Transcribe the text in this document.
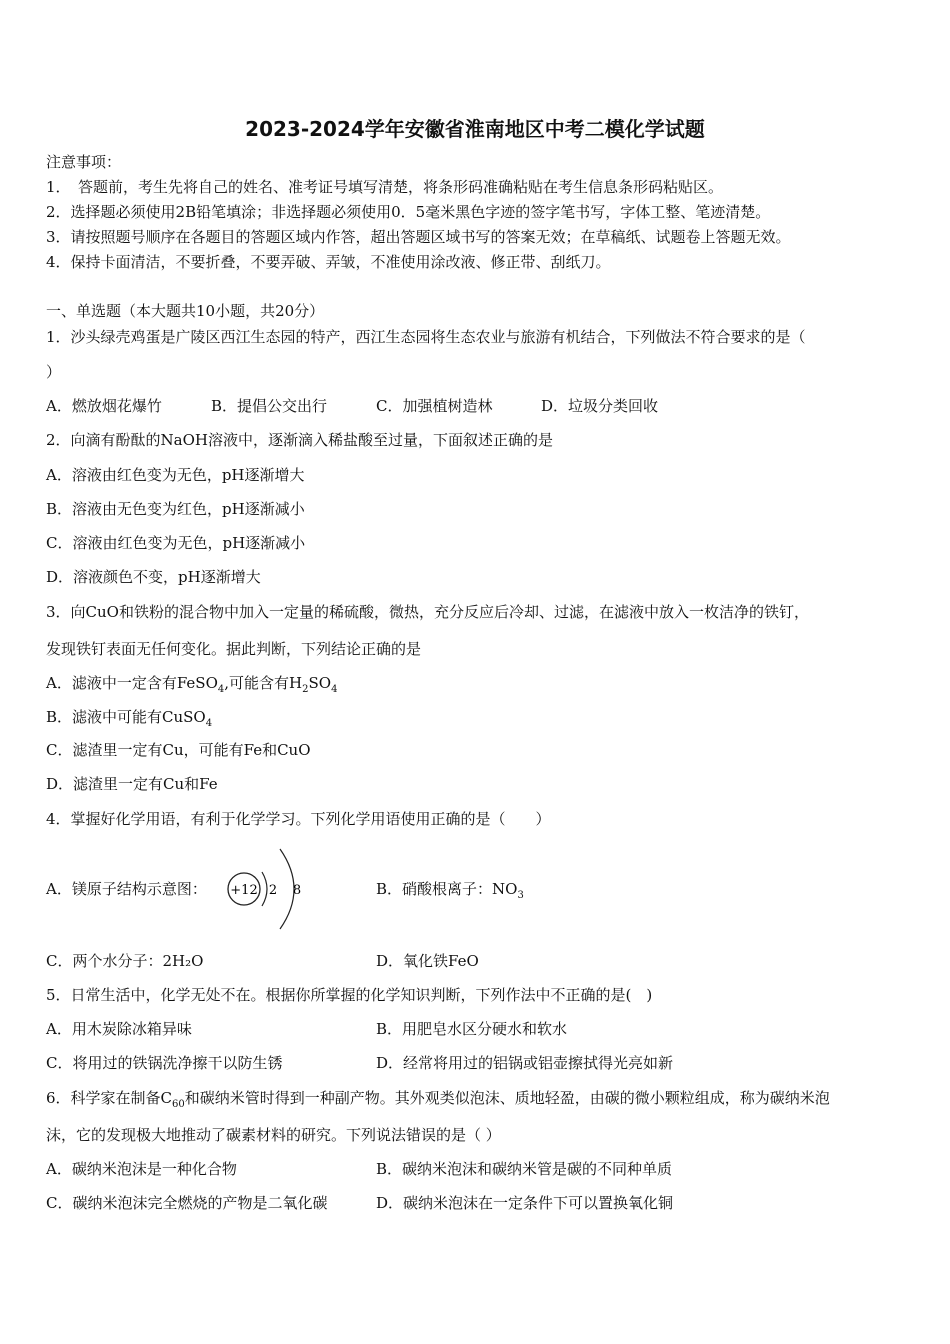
2023-2024学年安徽省淮南地区中考二模化学试题
注意事项：
1．　答题前，考生先将自己的姓名、准考证号填写清楚，将条形码准确粘贴在考生信息条形码粘贴区。
2．选择题必须使用2B铅笔填涂；非选择题必须使用0．5毫米黑色字迹的签字笔书写，字体工整、笔迹清楚。
3．请按照题号顺序在各题目的答题区域内作答，超出答题区域书写的答案无效；在草稿纸、试题卷上答题无效。
4．保持卡面清洁，不要折叠，不要弄破、弄皱，不准使用涂改液、修正带、刮纸刀。
一、单选题（本大题共10小题，共20分）
1．沙头绿壳鸡蛋是广陵区西江生态园的特产，西江生态园将生态农业与旅游有机结合，下列做法不符合要求的是（
）
A．燃放烟花爆竹	B．提倡公交出行	C．加强植树造林	D．垃圾分类回收
2．向滴有酚酞的NaOH溶液中，逐渐滴入稀盐酸至过量，下面叙述正确的是
A．溶液由红色变为无色，pH逐渐增大
B．溶液由无色变为红色，pH逐渐减小
C．溶液由红色变为无色，pH逐渐减小
D．溶液颜色不变，pH逐渐增大
3．向CuO和铁粉的混合物中加入一定量的稀硫酸，微热，充分反应后冷却、过滤，在滤液中放入一枚洁净的铁钉，
发现铁钉表面无任何变化。据此判断，下列结论正确的是
A．滤液中一定含有FeSO$_4$,可能含有$H_2SO_4$
B．滤液中可能有CuSO$_4$
C．滤渣里一定有Cu，可能有Fe和CuO
D．滤渣里一定有Cu和Fe
4．掌握好化学用语，有利于化学学习。下列化学用语使用正确的是（　　）
A．镁原子结构示意图： +12 2 8	B．硝酸根离子：$NO_3$
C．两个水分子：2H₂O	D．氧化铁FeO
5．日常生活中，化学无处不在。根据你所掌握的化学知识判断，下列作法中不正确的是(　)
A．用木炭除冰箱异味	B．用肥皂水区分硬水和软水
C．将用过的铁锅洗净擦干以防生锈	D．经常将用过的铝锅或铝壶擦拭得光亮如新
6．科学家在制备$C_{60}$和碳纳米管时得到一种副产物。其外观类似泡沫、质地轻盈，由碳的微小颗粒组成，称为碳纳米泡
沫，它的发现极大地推动了碳素材料的研究。下列说法错误的是（ ）
A．碳纳米泡沫是一种化合物	B．碳纳米泡沫和碳纳米管是碳的不同种单质
C．碳纳米泡沫完全燃烧的产物是二氧化碳	D．碳纳米泡沫在一定条件下可以置换氧化铜
